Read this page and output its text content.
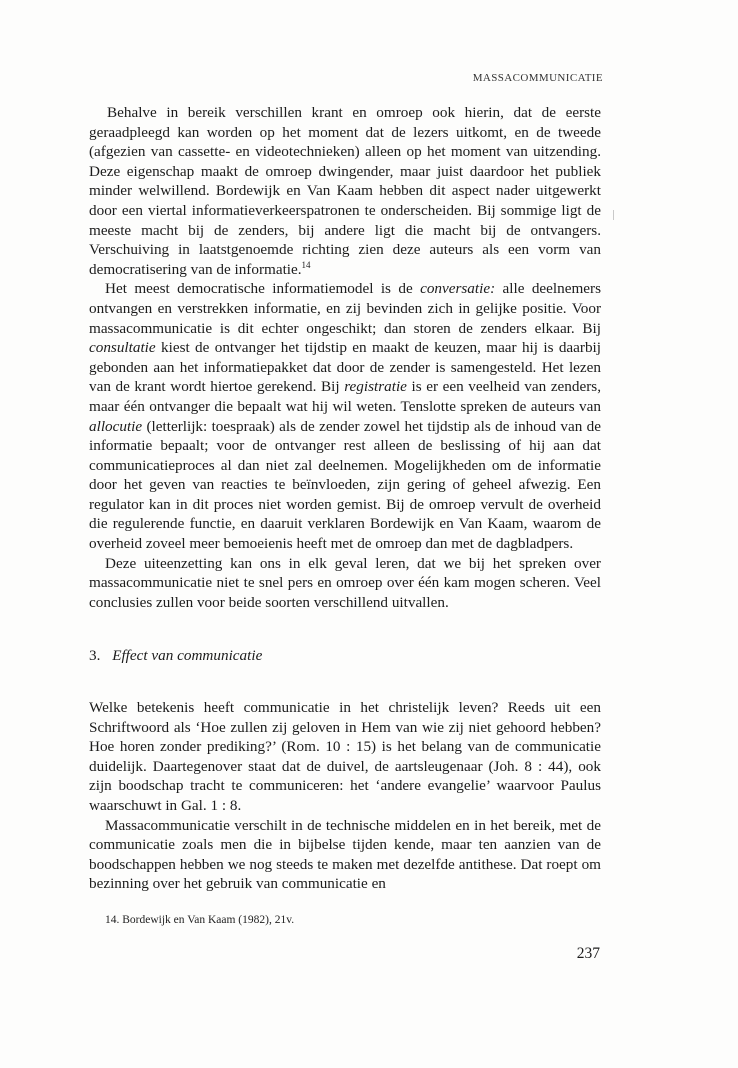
MASSACOMMUNICATIE

Behalve in bereik verschillen krant en omroep ook hierin, dat de eerste geraadpleegd kan worden op het moment dat de lezers uitkomt, en de tweede (afgezien van cassette- en videotechnieken) alleen op het moment van uitzending. Deze eigenschap maakt de omroep dwingender, maar juist daardoor het publiek minder welwillend. Bordewijk en Van Kaam hebben dit aspect nader uitgewerkt door een viertal informatieverkeerspatronen te onderscheiden. Bij sommige ligt de meeste macht bij de zenders, bij andere ligt die macht bij de ontvangers. Verschuiving in laatstgenoemde richting zien deze auteurs als een vorm van democratisering van de informatie.$^{14}$

Het meest democratische informatiemodel is de conversatie: alle deelnemers ontvangen en verstrekken informatie, en zij bevinden zich in gelijke positie. Voor massacommunicatie is dit echter ongeschikt; dan storen de zenders elkaar. Bij consultatie kiest de ontvanger het tijdstip en maakt de keuzen, maar hij is daarbij gebonden aan het informatiepakket dat door de zender is samengesteld. Het lezen van de krant wordt hiertoe gerekend. Bij registratie is er een veelheid van zenders, maar één ontvanger die bepaalt wat hij wil weten. Tenslotte spreken de auteurs van allocutie (letterlijk: toespraak) als de zender zowel het tijdstip als de inhoud van de informatie bepaalt; voor de ontvanger rest alleen de beslissing of hij aan dat communicatieproces al dan niet zal deelnemen. Mogelijkheden om de informatie door het geven van reacties te beïnvloeden, zijn gering of geheel afwezig. Een regulator kan in dit proces niet worden gemist. Bij de omroep vervult de overheid die regulerende functie, en daaruit verklaren Bordewijk en Van Kaam, waarom de overheid zoveel meer bemoeienis heeft met de omroep dan met de dagbladpers.

Deze uiteenzetting kan ons in elk geval leren, dat we bij het spreken over massacommunicatie niet te snel pers en omroep over één kam mogen scheren. Veel conclusies zullen voor beide soorten verschillend uitvallen.

3. Effect van communicatie

Welke betekenis heeft communicatie in het christelijk leven? Reeds uit een Schriftwoord als ‘Hoe zullen zij geloven in Hem van wie zij niet gehoord hebben? Hoe horen zonder prediking?’ (Rom. 10 : 15) is het belang van de communicatie duidelijk. Daartegenover staat dat de duivel, de aartsleugenaar (Joh. 8 : 44), ook zijn boodschap tracht te communiceren: het ‘andere evangelie’ waarvoor Paulus waarschuwt in Gal. 1 : 8.

Massacommunicatie verschilt in de technische middelen en in het bereik, met de communicatie zoals men die in bijbelse tijden kende, maar ten aanzien van de boodschappen hebben we nog steeds te maken met dezelfde antithese. Dat roept om bezinning over het gebruik van communicatie en

14. Bordewijk en Van Kaam (1982), 21v.
237
